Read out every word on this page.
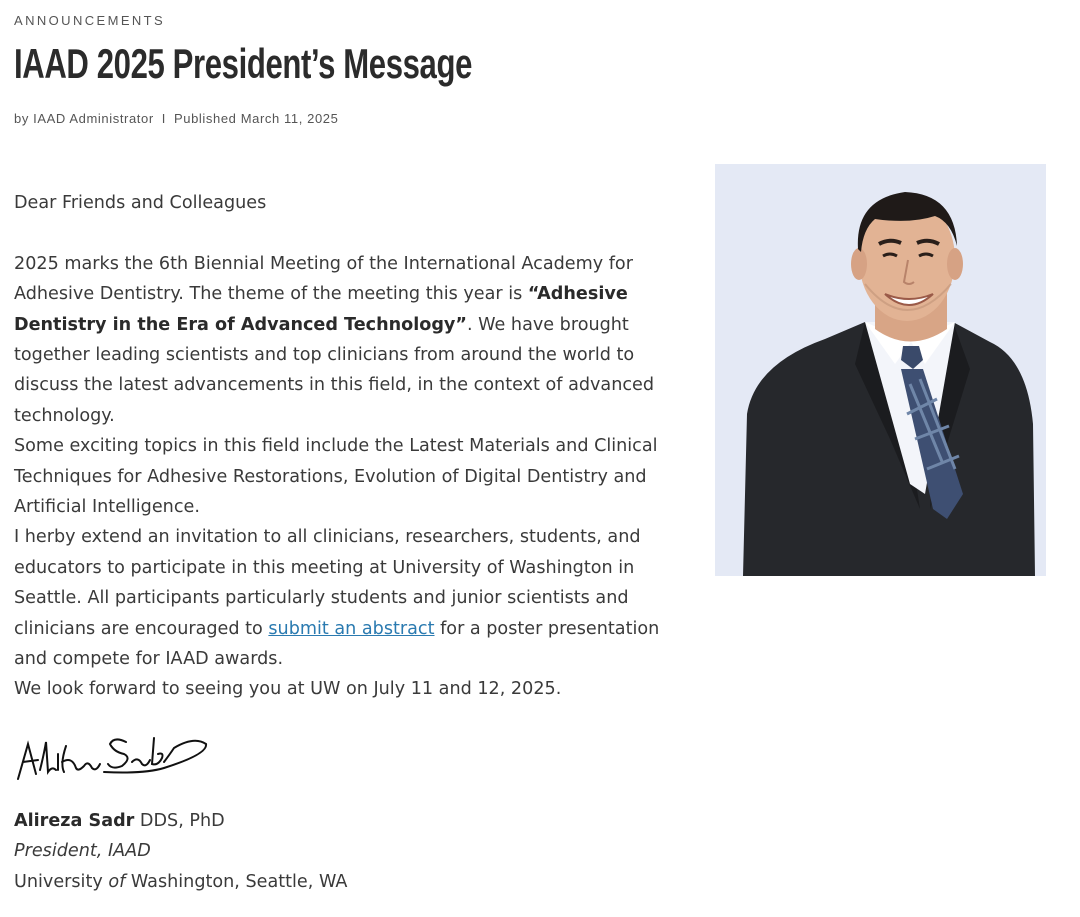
ANNOUNCEMENTS
IAAD 2025 President’s Message
by IAAD Administrator I Published March 11, 2025

Dear Friends and Colleagues

2025 marks the 6th Biennial Meeting of the International Academy for Adhesive Dentistry. The theme of the meeting this year is “Adhesive Dentistry in the Era of Advanced Technology”. We have brought together leading scientists and top clinicians from around the world to discuss the latest advancements in this field, in the context of advanced technology.

Some exciting topics in this field include the Latest Materials and Clinical Techniques for Adhesive Restorations, Evolution of Digital Dentistry and Artificial Intelligence.

I herby extend an invitation to all clinicians, researchers, students, and educators to participate in this meeting at University of Washington in Seattle. All participants particularly students and junior scientists and clinicians are encouraged to submit an abstract for a poster presentation and compete for IAAD awards.

We look forward to seeing you at UW on July 11 and 12, 2025.

Alireza Sadr DDS, PhD

President, IAAD

University of Washington, Seattle, WA
